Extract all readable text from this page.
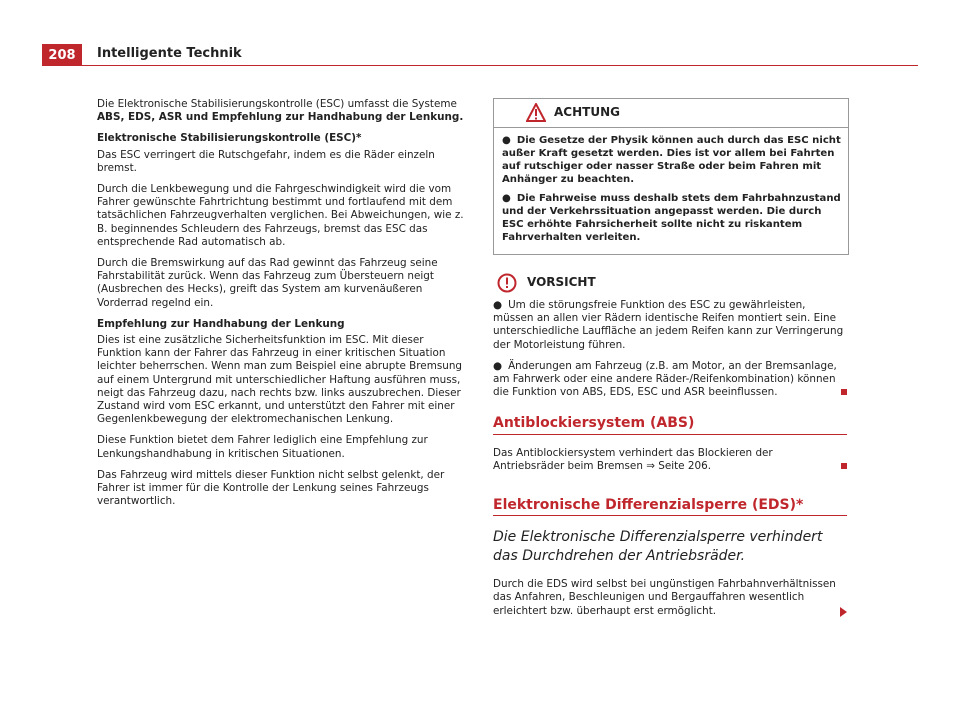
208	Intelligente Technik

Die Elektronische Stabilisierungskontrolle (ESC) umfasst die Systeme ABS, EDS, ASR und Empfehlung zur Handhabung der Lenkung.

Elektronische Stabilisierungskontrolle (ESC)*

Das ESC verringert die Rutschgefahr, indem es die Räder einzeln bremst.

Durch die Lenkbewegung und die Fahrgeschwindigkeit wird die vom Fahrer gewünschte Fahrtrichtung bestimmt und fortlaufend mit dem tatsächlichen Fahrzeugverhalten verglichen. Bei Abweichungen, wie z. B. beginnendes Schleudern des Fahrzeugs, bremst das ESC das entsprechende Rad automatisch ab.

Durch die Bremswirkung auf das Rad gewinnt das Fahrzeug seine Fahrstabilität zurück. Wenn das Fahrzeug zum Übersteuern neigt (Ausbrechen des Hecks), greift das System am kurvenäußeren Vorderrad regelnd ein.

Empfehlung zur Handhabung der Lenkung

Dies ist eine zusätzliche Sicherheitsfunktion im ESC. Mit dieser Funktion kann der Fahrer das Fahrzeug in einer kritischen Situation leichter beherrschen. Wenn man zum Beispiel eine abrupte Bremsung auf einem Untergrund mit unterschiedlicher Haftung ausführen muss, neigt das Fahrzeug dazu, nach rechts bzw. links auszubrechen. Dieser Zustand wird vom ESC erkannt, und unterstützt den Fahrer mit einer Gegenlenkbewegung der elektromechanischen Lenkung.

Diese Funktion bietet dem Fahrer lediglich eine Empfehlung zur Lenkungshandhabung in kritischen Situationen.

Das Fahrzeug wird mittels dieser Funktion nicht selbst gelenkt, der Fahrer ist immer für die Kontrolle der Lenkung seines Fahrzeugs verantwortlich.

ACHTUNG

● Die Gesetze der Physik können auch durch das ESC nicht außer Kraft gesetzt werden. Dies ist vor allem bei Fahrten auf rutschiger oder nasser Straße oder beim Fahren mit Anhänger zu beachten.

● Die Fahrweise muss deshalb stets dem Fahrbahnzustand und der Verkehrssituation angepasst werden. Die durch ESC erhöhte Fahrsicherheit sollte nicht zu riskantem Fahrverhalten verleiten.

VORSICHT

● Um die störungsfreie Funktion des ESC zu gewährleisten, müssen an allen vier Rädern identische Reifen montiert sein. Eine unterschiedliche Lauffläche an jedem Reifen kann zur Verringerung der Motorleistung führen.

● Änderungen am Fahrzeug (z.B. am Motor, an der Bremsanlage, am Fahrwerk oder eine andere Räder-/Reifenkombination) können die Funktion von ABS, EDS, ESC und ASR beeinflussen.

Antiblockiersystem (ABS)

Das Antiblockiersystem verhindert das Blockieren der Antriebsräder beim Bremsen ⇒ Seite 206.

Elektronische Differenzialsperre (EDS)*
Die Elektronische Differenzialsperre verhindert das Durchdrehen der Antriebsräder.

Durch die EDS wird selbst bei ungünstigen Fahrbahnverhältnissen das Anfahren, Beschleunigen und Bergauffahren wesentlich erleichtert bzw. überhaupt erst ermöglicht.
